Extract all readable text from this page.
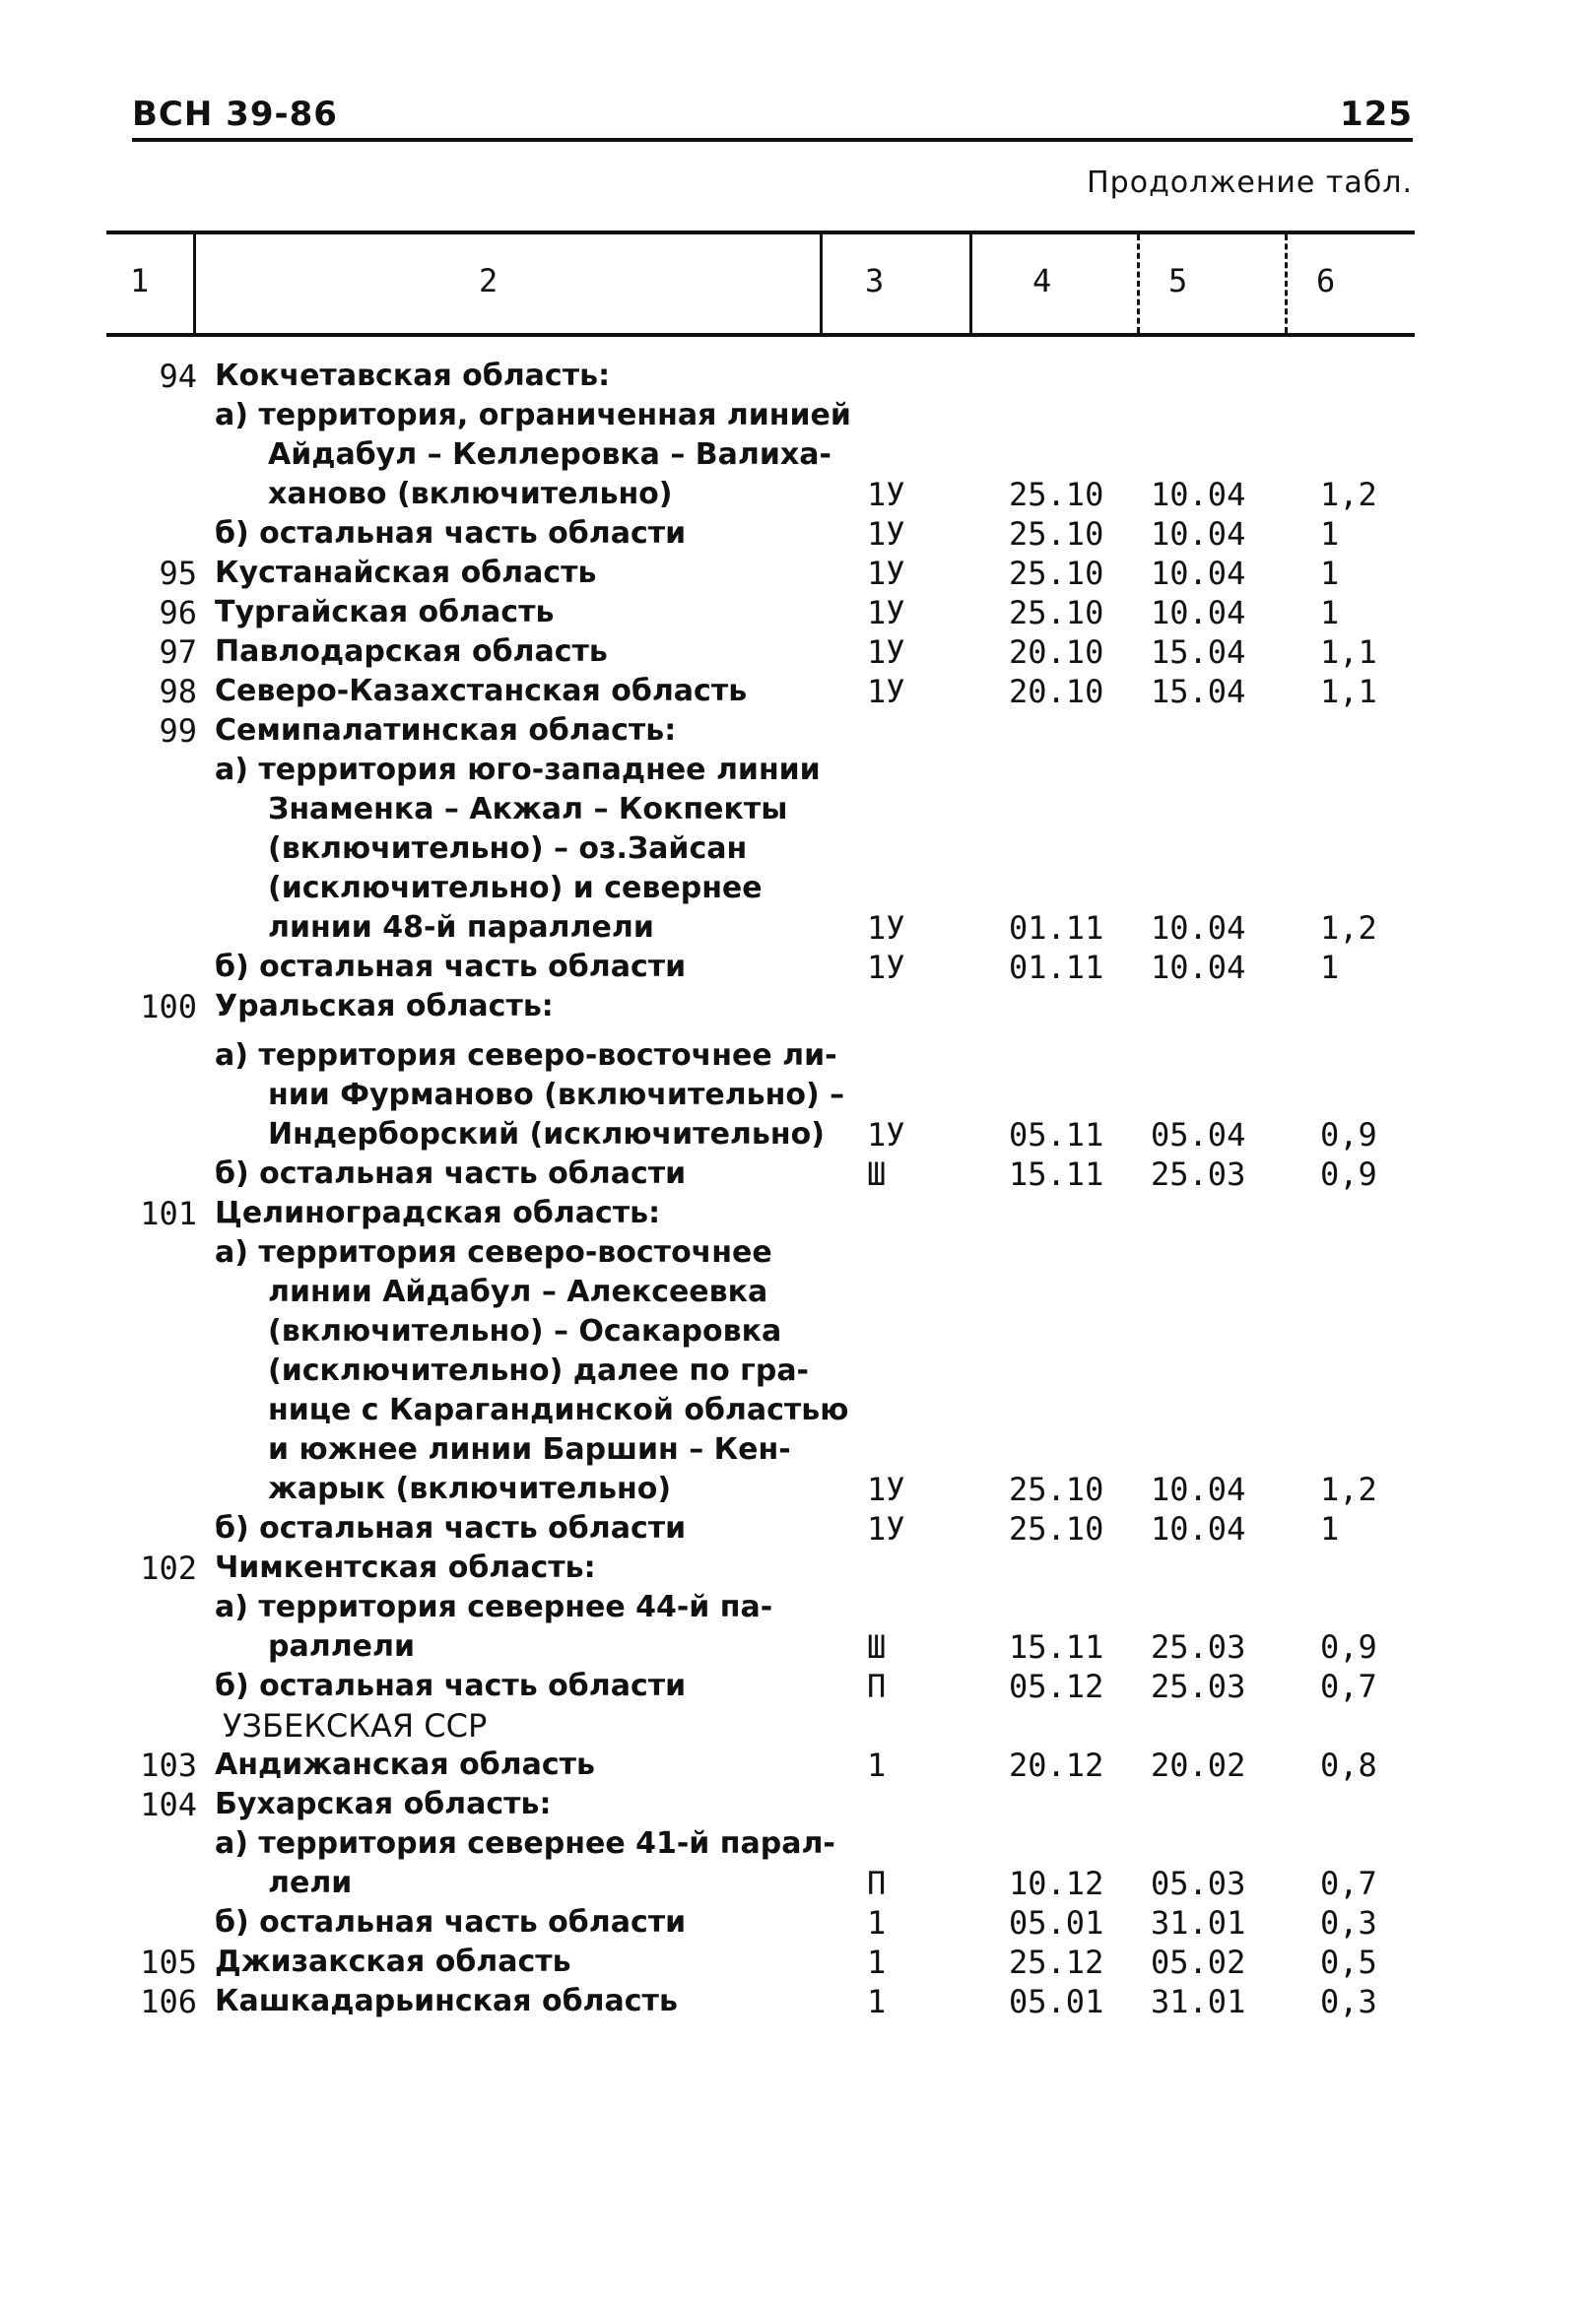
ВСН 39-86	125
Продолжение табл.
1	2	3	4	5	6
94 Кокчетавская область:
а) территория, ограниченная линией
Айдабул – Келлеровка – Валиха-
ханово (включительно)	1У	25.10 10.04 1,2
б) остальная часть области	1У	25.10 10.04 1
95 Кустанайская область	1У	25.10 10.04 1
96 Тургайская область	1У	25.10 10.04 1
97 Павлодарская область	1У	20.10 15.04 1,1
98 Северо-Казахстанская область	1У	20.10 15.04 1,1
99 Семипалатинская область:
а) территория юго-западнее линии
Знаменка – Акжал – Кокпекты
(включительно) – оз.Зайсан
(исключительно) и севернее
линии 48-й параллели	1У	01.11 10.04 1,2
б) остальная часть области	1У	01.11 10.04 1
100 Уральская область:
а) территория северо-восточнее ли-
нии Фурманово (включительно) –
Индерборский (исключительно) 1У	05.11 05.04 0,9
б) остальная часть области	Ш	15.11 25.03 0,9
101 Целиноградская область:
а) территория северо-восточнее
линии Айдабул – Алексеевка
(включительно) – Осакаровка
(исключительно) далее по гра-
нице с Карагандинской областью
и южнее линии Баршин – Кен-
жарык (включительно)	1У	25.10 10.04 1,2
б) остальная часть области	1У	25.10 10.04 1
102 Чимкентская область:
а) территория севернее 44-й па-
раллели	Ш	15.11 25.03 0,9
б) остальная часть области	П	05.12 25.03 0,7
УЗБЕКСКАЯ ССР
103 Андижанская область	1	20.12 20.02 0,8
104 Бухарская область:
а) территория севернее 41-й парал-
лели	П	10.12 05.03 0,7
б) остальная часть области	1	05.01 31.01 0,3
105 Джизакская область	1	25.12 05.02 0,5
106 Кашкадарьинская область	1	05.01 31.01 0,3
